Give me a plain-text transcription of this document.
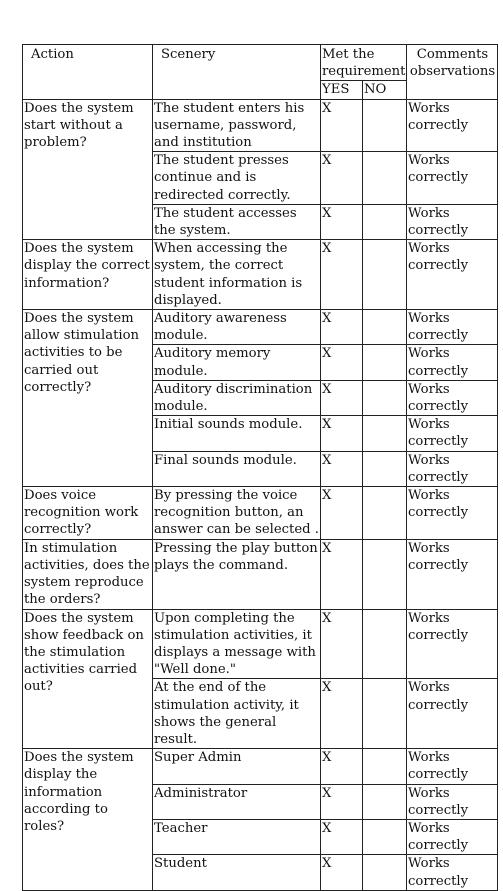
Action	Scenery	Met the requirement		Comments observations
		YES	NO	
Does the system start without a problem?	The student enters his username, password, and institution	X		Works correctly
	The student presses continue and is redirected correctly.	X		Works correctly
	The student accesses the system.	X		Works correctly
Does the system display the correct information?	When accessing the system, the correct student information is displayed.	X		Works correctly
Does the system allow stimulation activities to be carried out correctly?	Auditory awareness module.	X		Works correctly
	Auditory memory module.	X		Works correctly
	Auditory discrimination module.	X		Works correctly
	Initial sounds module.	X		Works correctly
	Final sounds module.	X		Works correctly
Does voice recognition work correctly?	By pressing the voice recognition button, an answer can be selected .	X		Works correctly
In stimulation activities, does the system reproduce the orders?	Pressing the play button plays the command.	X		Works correctly
Does the system show feedback on the stimulation activities carried out?	Upon completing the stimulation activities, it displays a message with "Well done."	X		Works correctly
	At the end of the stimulation activity, it shows the general result.	X		Works correctly
Does the system display the information according to roles?	Super Admin	X		Works correctly
	Administrator	X		Works correctly
	Teacher	X		Works correctly
	Student	X		Works correctly
